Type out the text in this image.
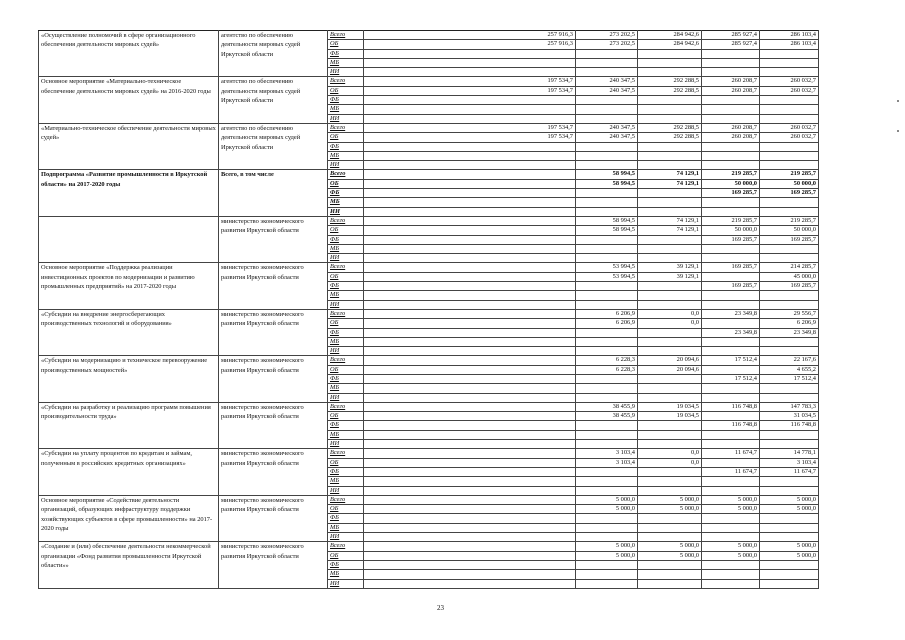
«Осуществление полномочий в сфере организационного обеспечения деятельности мировых судей»	агентство по обеспечению деятельности мировых судей Иркутской области	Всего	257 916,3	273 202,5	284 942,6	285 927,4	286 103,4
		ОБ	257 916,3	273 202,5	284 942,6	285 927,4	286 103,4
		ФБ					
		МБ					
		ИИ					
Основное мероприятие «Материально-техническое обеспечение деятельности мировых судей» на 2016-2020 годы	агентство по обеспечению деятельности мировых судей Иркутской области	Всего	197 534,7	240 347,5	292 288,5	260 208,7	260 032,7
		ОБ	197 534,7	240 347,5	292 288,5	260 208,7	260 032,7
		ФБ					
		МБ					
		ИИ					
«Материально-техническое обеспечение деятельности мировых судей»	агентство по обеспечению деятельности мировых судей Иркутской области	Всего	197 534,7	240 347,5	292 288,5	260 208,7	260 032,7
		ОБ	197 534,7	240 347,5	292 288,5	260 208,7	260 032,7
		ФБ					
		МБ					
		ИИ					
Подпрограмма «Развитие промышленности в Иркутской области» на 2017-2020 годы	Всего, в том числе	Всего		58 994,5	74 129,1	219 285,7	219 285,7
		ОБ		58 994,5	74 129,1	50 000,0	50 000,0
		ФБ				169 285,7	169 285,7
		МБ					
		ИИ					
	министерство экономического развития Иркутской области	Всего		58 994,5	74 129,1	219 285,7	219 285,7
		ОБ		58 994,5	74 129,1	50 000,0	50 000,0
		ФБ				169 285,7	169 285,7
		МБ					
		ИИ					
Основное мероприятие «Поддержка реализации инвестиционных проектов по модернизации и развитию промышленных предприятий» на 2017-2020 годы	министерство экономического развития Иркутской области	Всего		53 994,5	39 129,1	169 285,7	214 285,7
		ОБ		53 994,5	39 129,1		45 000,0
		ФБ				169 285,7	169 285,7
		МБ					
		ИИ					
«Субсидии на внедрение энергосберегающих производственных технологий и оборудования»	министерство экономического развития Иркутской области	Всего		6 206,9	0,0	23 349,8	29 556,7
		ОБ		6 206,9	0,0		6 206,9
		ФБ				23 349,8	23 349,8
		МБ					
		ИИ					
«Субсидии на модернизацию и техническое перевооружение производственных мощностей»	министерство экономического развития Иркутской области	Всего		6 228,3	20 094,6	17 512,4	22 167,6
		ОБ		6 228,3	20 094,6		4 655,2
		ФБ				17 512,4	17 512,4
		МБ					
		ИИ					
«Субсидии на разработку и реализацию программ повышения производительности труда»	министерство экономического развития Иркутской области	Всего		38 455,9	19 034,5	116 748,8	147 783,3
		ОБ		38 455,9	19 034,5		31 034,5
		ФБ				116 748,8	116 748,8
		МБ					
		ИИ					
«Субсидии на уплату процентов по кредитам и займам, полученным в российских кредитных организациях»	министерство экономического развития Иркутской области	Всего		3 103,4	0,0	11 674,7	14 778,1
		ОБ		3 103,4	0,0		3 103,4
		ФБ				11 674,7	11 674,7
		МБ					
		ИИ					
Основное мероприятие «Содействие деятельности организаций, образующих инфраструктуру поддержки хозяйствующих субъектов в сфере промышленности» на 2017-2020 годы	министерство экономического развития Иркутской области	Всего		5 000,0	5 000,0	5 000,0	5 000,0
		ОБ		5 000,0	5 000,0	5 000,0	5 000,0
		ФБ					
		МБ					
		ИИ					
«Создание и (или) обеспечение деятельности некоммерческой организации «Фонд развития промышленности Иркутской области»»	министерство экономического развития Иркутской области	Всего		5 000,0	5 000,0	5 000,0	5 000,0
		ОБ		5 000,0	5 000,0	5 000,0	5 000,0
		ФБ					
		МБ					
		ИИ					
23
